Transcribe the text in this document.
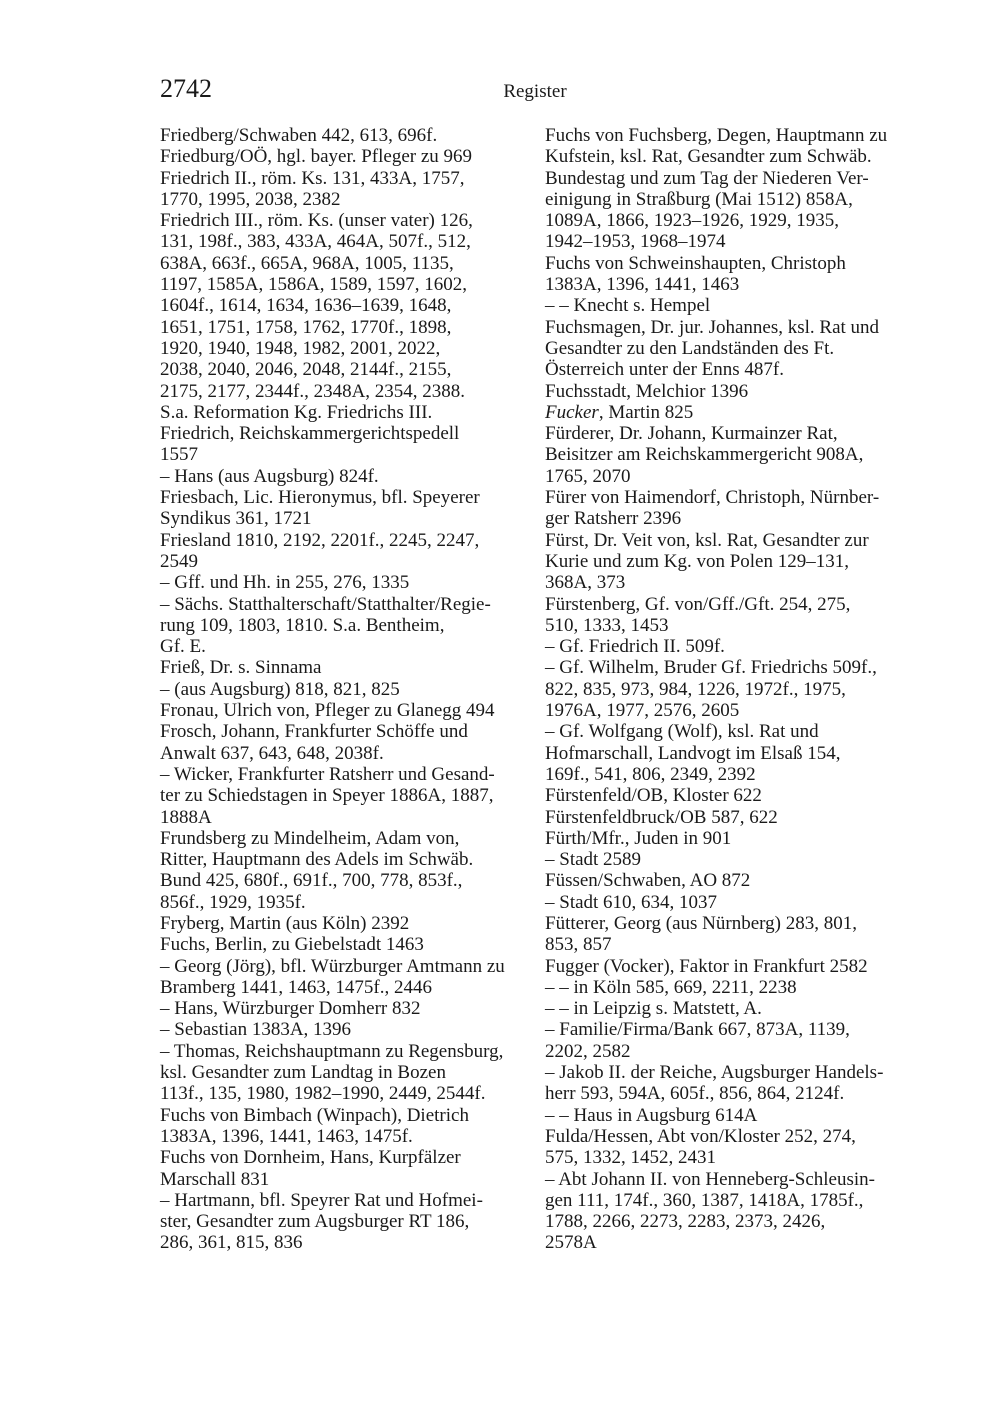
2742	Register
Friedberg/Schwaben 442, 613, 696f.
Friedburg/OÖ, hgl. bayer. Pfleger zu 969
Friedrich II., röm. Ks. 131, 433A, 1757,
1770, 1995, 2038, 2382
Friedrich III., röm. Ks. (unser vater) 126,
131, 198f., 383, 433A, 464A, 507f., 512,
638A, 663f., 665A, 968A, 1005, 1135,
1197, 1585A, 1586A, 1589, 1597, 1602,
1604f., 1614, 1634, 1636–1639, 1648,
1651, 1751, 1758, 1762, 1770f., 1898,
1920, 1940, 1948, 1982, 2001, 2022,
2038, 2040, 2046, 2048, 2144f., 2155,
2175, 2177, 2344f., 2348A, 2354, 2388.
S.a. Reformation Kg. Friedrichs III.
Friedrich, Reichskammergerichtspedell
1557
– Hans (aus Augsburg) 824f.
Friesbach, Lic. Hieronymus, bfl. Speyerer
Syndikus 361, 1721
Friesland 1810, 2192, 2201f., 2245, 2247,
2549
– Gff. und Hh. in 255, 276, 1335
– Sächs. Statthalterschaft/Statthalter/Regie-
rung 109, 1803, 1810. S.a. Bentheim,
Gf. E.
Frieß, Dr. s. Sinnama
– (aus Augsburg) 818, 821, 825
Fronau, Ulrich von, Pfleger zu Glanegg 494
Frosch, Johann, Frankfurter Schöffe und
Anwalt 637, 643, 648, 2038f.
– Wicker, Frankfurter Ratsherr und Gesand-
ter zu Schiedstagen in Speyer 1886A, 1887,
1888A
Frundsberg zu Mindelheim, Adam von,
Ritter, Hauptmann des Adels im Schwäb.
Bund 425, 680f., 691f., 700, 778, 853f.,
856f., 1929, 1935f.
Fryberg, Martin (aus Köln) 2392
Fuchs, Berlin, zu Giebelstadt 1463
– Georg (Jörg), bfl. Würzburger Amtmann zu
Bramberg 1441, 1463, 1475f., 2446
– Hans, Würzburger Domherr 832
– Sebastian 1383A, 1396
– Thomas, Reichshauptmann zu Regensburg,
ksl. Gesandter zum Landtag in Bozen
113f., 135, 1980, 1982–1990, 2449, 2544f.
Fuchs von Bimbach (Winpach), Dietrich
1383A, 1396, 1441, 1463, 1475f.
Fuchs von Dornheim, Hans, Kurpfälzer
Marschall 831
– Hartmann, bfl. Speyrer Rat und Hofmei-
ster, Gesandter zum Augsburger RT 186,
286, 361, 815, 836
Fuchs von Fuchsberg, Degen, Hauptmann zu
Kufstein, ksl. Rat, Gesandter zum Schwäb.
Bundestag und zum Tag der Niederen Ver-
einigung in Straßburg (Mai 1512) 858A,
1089A, 1866, 1923–1926, 1929, 1935,
1942–1953, 1968–1974
Fuchs von Schweinshaupten, Christoph
1383A, 1396, 1441, 1463
– – Knecht s. Hempel
Fuchsmagen, Dr. jur. Johannes, ksl. Rat und
Gesandter zu den Landständen des Ft.
Österreich unter der Enns 487f.
Fuchsstadt, Melchior 1396
Fucker, Martin 825
Fürderer, Dr. Johann, Kurmainzer Rat,
Beisitzer am Reichskammergericht 908A,
1765, 2070
Fürer von Haimendorf, Christoph, Nürnber-
ger Ratsherr 2396
Fürst, Dr. Veit von, ksl. Rat, Gesandter zur
Kurie und zum Kg. von Polen 129–131,
368A, 373
Fürstenberg, Gf. von/Gff./Gft. 254, 275,
510, 1333, 1453
– Gf. Friedrich II. 509f.
– Gf. Wilhelm, Bruder Gf. Friedrichs 509f.,
822, 835, 973, 984, 1226, 1972f., 1975,
1976A, 1977, 2576, 2605
– Gf. Wolfgang (Wolf), ksl. Rat und
Hofmarschall, Landvogt im Elsaß 154,
169f., 541, 806, 2349, 2392
Fürstenfeld/OB, Kloster 622
Fürstenfeldbruck/OB 587, 622
Fürth/Mfr., Juden in 901
– Stadt 2589
Füssen/Schwaben, AO 872
– Stadt 610, 634, 1037
Fütterer, Georg (aus Nürnberg) 283, 801,
853, 857
Fugger (Vocker), Faktor in Frankfurt 2582
– – in Köln 585, 669, 2211, 2238
– – in Leipzig s. Matstett, A.
– Familie/Firma/Bank 667, 873A, 1139,
2202, 2582
– Jakob II. der Reiche, Augsburger Handels-
herr 593, 594A, 605f., 856, 864, 2124f.
– – Haus in Augsburg 614A
Fulda/Hessen, Abt von/Kloster 252, 274,
575, 1332, 1452, 2431
– Abt Johann II. von Henneberg-Schleusin-
gen 111, 174f., 360, 1387, 1418A, 1785f.,
1788, 2266, 2273, 2283, 2373, 2426,
2578A
